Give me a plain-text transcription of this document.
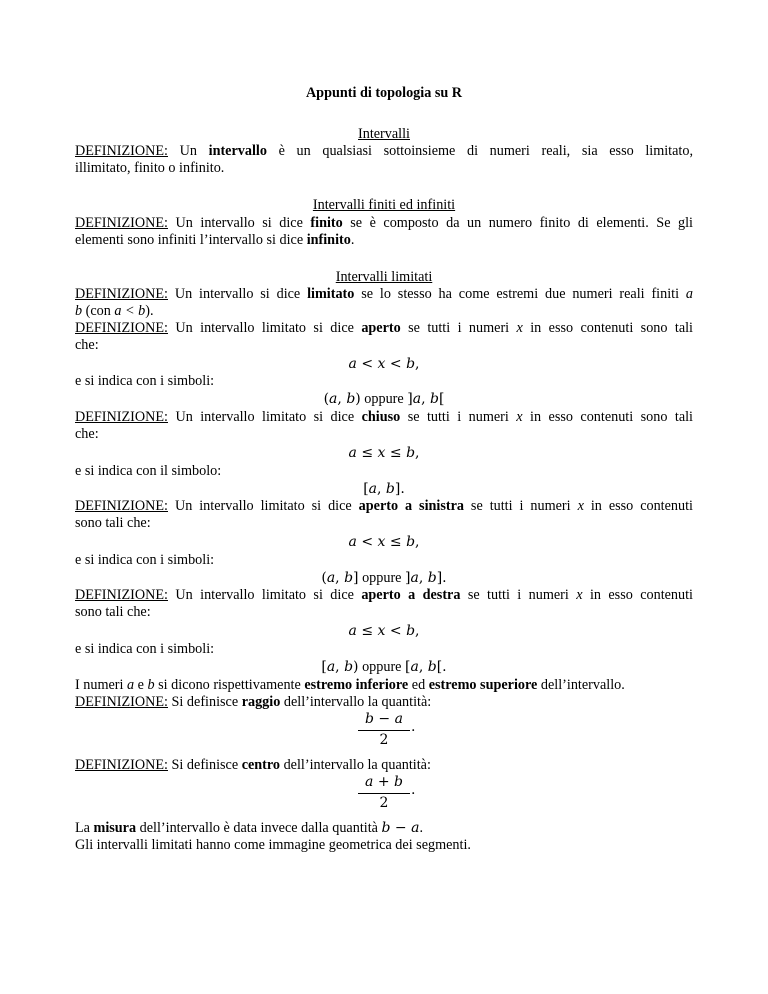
Appunti di topologia su R
Intervalli
DEFINIZIONE: Un intervallo è un qualsiasi sottoinsieme di numeri reali, sia esso limitato,
illimitato, finito o infinito.
Intervalli finiti ed infiniti
DEFINIZIONE: Un intervallo si dice finito se è composto da un numero finito di elementi. Se gli
elementi sono infiniti l’intervallo si dice infinito.
Intervalli limitati
DEFINIZIONE: Un intervallo si dice limitato se lo stesso ha come estremi due numeri reali finiti a
b (con a < b).
DEFINIZIONE: Un intervallo limitato si dice aperto se tutti i numeri x in esso contenuti sono tali
che:
a < x < b,
e si indica con i simboli:
(a, b) oppure ]a, b[
DEFINIZIONE: Un intervallo limitato si dice chiuso se tutti i numeri x in esso contenuti sono tali
che:
a ≤ x ≤ b,
e si indica con il simbolo:
[a, b].
DEFINIZIONE: Un intervallo limitato si dice aperto a sinistra se tutti i numeri x in esso contenuti
sono tali che:
a < x ≤ b,
e si indica con i simboli:
(a, b] oppure ]a, b].
DEFINIZIONE: Un intervallo limitato si dice aperto a destra se tutti i numeri x in esso contenuti
sono tali che:
a ≤ x < b,
e si indica con i simboli:
[a, b) oppure [a, b[.
I numeri a e b si dicono rispettivamente estremo inferiore ed estremo superiore dell’intervallo.
DEFINIZIONE: Si definisce raggio dell’intervallo la quantità:
b − a .
2
DEFINIZIONE: Si definisce centro dell’intervallo la quantità:
a + b .
2
La misura dell’intervallo è data invece dalla quantità b − a.
Gli intervalli limitati hanno come immagine geometrica dei segmenti.
